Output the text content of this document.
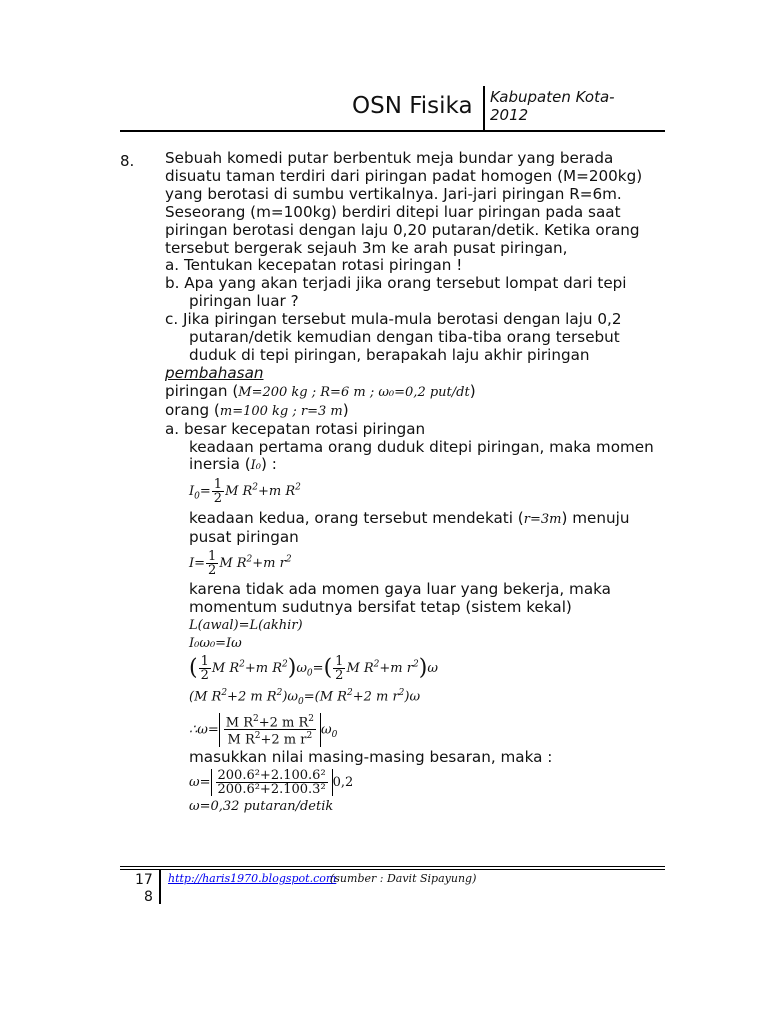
OSN Fisika Kabupaten Kota-
2012
8. Sebuah komedi putar berbentuk meja bundar yang berada

disuatu taman terdiri dari piringan padat homogen (M=200kg)

yang berotasi di sumbu vertikalnya. Jari-jari piringan R=6m.

Seseorang (m=100kg) berdiri ditepi luar piringan pada saat

piringan berotasi dengan laju 0,20 putaran/detik. Ketika orang

tersebut bergerak sejauh 3m ke arah pusat piringan,

a. Tentukan kecepatan rotasi piringan !

b. Apa yang akan terjadi jika orang tersebut lompat dari tepi

piringan luar ?

c. Jika piringan tersebut mula-mula berotasi dengan laju 0,2

putaran/detik kemudian dengan tiba-tiba orang tersebut

duduk di tepi piringan, berapakah laju akhir piringan

pembahasan

piringan (M=200 kg ; R=6 m ; ω₀=0,2 put/dt)

orang (m=100 kg ; r=3 m)

a. besar kecepatan rotasi piringan

keadaan pertama orang duduk ditepi piringan, maka momen

inersia (I₀) :

$I_0= \frac{1}{2}$ M $R^2+m$ $R^2$

keadaan kedua, orang tersebut mendekati (r=3m) menuju

pusat piringan

$I= \frac{1}{2}$ M $R^2+m$ $r^2$

karena tidak ada momen gaya luar yang bekerja, maka

momentum sudutnya bersifat tetap (sistem kekal)

L(awal)=L(akhir)

I₀ω₀=Iω

( $\frac{1}{2}$ M $R^2+m$ $R^2)\omega_0=( \frac{1}{2}$ M $R^2+m$ $r^2)\omega$

(M $R^2+2$ m $R^2)\omega_0=(M$ $R^2+2$ m $r^2)\omega$

∴ω= $\frac{M R^2+2 m R^2}{M R^2+2 m r^2} \omega_0$

masukkan nilai masing-masing besaran, maka :

$\omega= \frac{\text{200.6²+2.100.6²}}{\text{200.6²+2.100.3²}} 0,2$

ω=0,32 putaran/detik

17
8
http://haris1970.blogspot.com
(sumber : Davit Sipayung)
